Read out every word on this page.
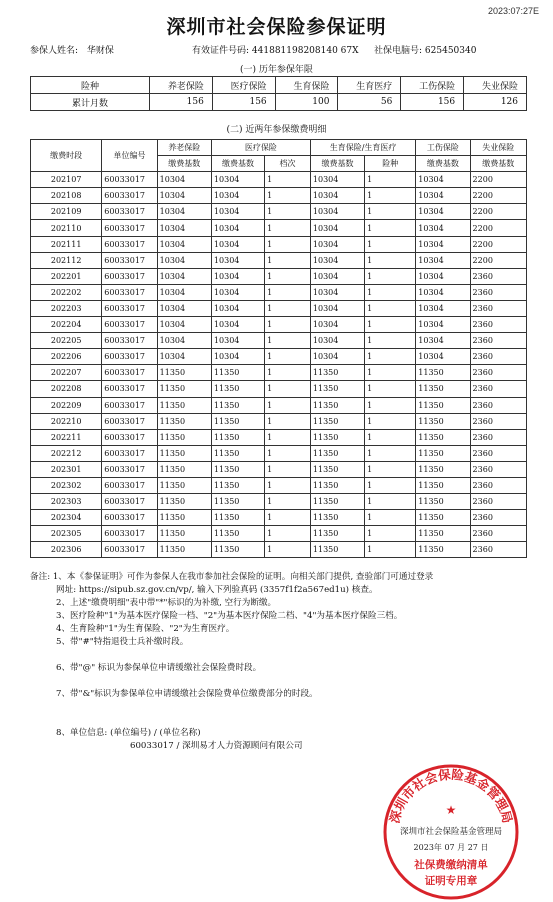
2023:07:27E
深圳市社会保险参保证明
参保人姓名: 华财保	有效证件号码: 441881198208140 67X 社保电脑号: 625450340
(一) 历年参保年限
险种	养老保险	医疗保险	生育保险	生育医疗	工伤保险	失业保险
累计月数	156	156	100	56	156	126
(二) 近两年参保缴费明细
缴费时段	单位编号	养老保险	医疗保险		生育保险/生育医疗		工伤保险	失业保险
		缴费基数	缴费基数	档次	缴费基数	险种	缴费基数	缴费基数
202107	60033017	10304	10304	1	10304	1	10304	2200
202108	60033017	10304	10304	1	10304	1	10304	2200
202109	60033017	10304	10304	1	10304	1	10304	2200
202110	60033017	10304	10304	1	10304	1	10304	2200
202111	60033017	10304	10304	1	10304	1	10304	2200
202112	60033017	10304	10304	1	10304	1	10304	2200
202201	60033017	10304	10304	1	10304	1	10304	2360
202202	60033017	10304	10304	1	10304	1	10304	2360
202203	60033017	10304	10304	1	10304	1	10304	2360
202204	60033017	10304	10304	1	10304	1	10304	2360
202205	60033017	10304	10304	1	10304	1	10304	2360
202206	60033017	10304	10304	1	10304	1	10304	2360
202207	60033017	11350	11350	1	11350	1	11350	2360
202208	60033017	11350	11350	1	11350	1	11350	2360
202209	60033017	11350	11350	1	11350	1	11350	2360
202210	60033017	11350	11350	1	11350	1	11350	2360
202211	60033017	11350	11350	1	11350	1	11350	2360
202212	60033017	11350	11350	1	11350	1	11350	2360
202301	60033017	11350	11350	1	11350	1	11350	2360
202302	60033017	11350	11350	1	11350	1	11350	2360
202303	60033017	11350	11350	1	11350	1	11350	2360
202304	60033017	11350	11350	1	11350	1	11350	2360
202305	60033017	11350	11350	1	11350	1	11350	2360
202306	60033017	11350	11350	1	11350	1	11350	2360

备注: 1、本《参保证明》可作为参保人在我市参加社会保险的证明。向相关部门提供, 查验部门可通过登录

网址: https://sipub.sz.gov.cn/vp/, 输入下列验真码 (3357f1f2a567ed1u) 核查。

2、上述"缴费明细"表中带"*"标识的为补缴, 空行为断缴。

3、医疗险种"1"为基本医疗保险一档、"2"为基本医疗保险二档、"4"为基本医疗保险三档。

4、生育险种"1"为生育保险、"2"为生育医疗。

5、带"#"特指退役士兵补缴时段。

6、带"@" 标识为参保单位申请缓缴社会保险费时段。

7、带"&"标识为参保单位申请缓缴社会保险费单位缴费部分的时段。

8、单位信息: (单位编号) / (单位名称)

60033017 / 深圳易才人力资源顾问有限公司

深圳市社会保险基金管理局
★
深圳市社会保险基金管理局
2023年 07 月 27 日
社保费缴纳清单
证明专用章
